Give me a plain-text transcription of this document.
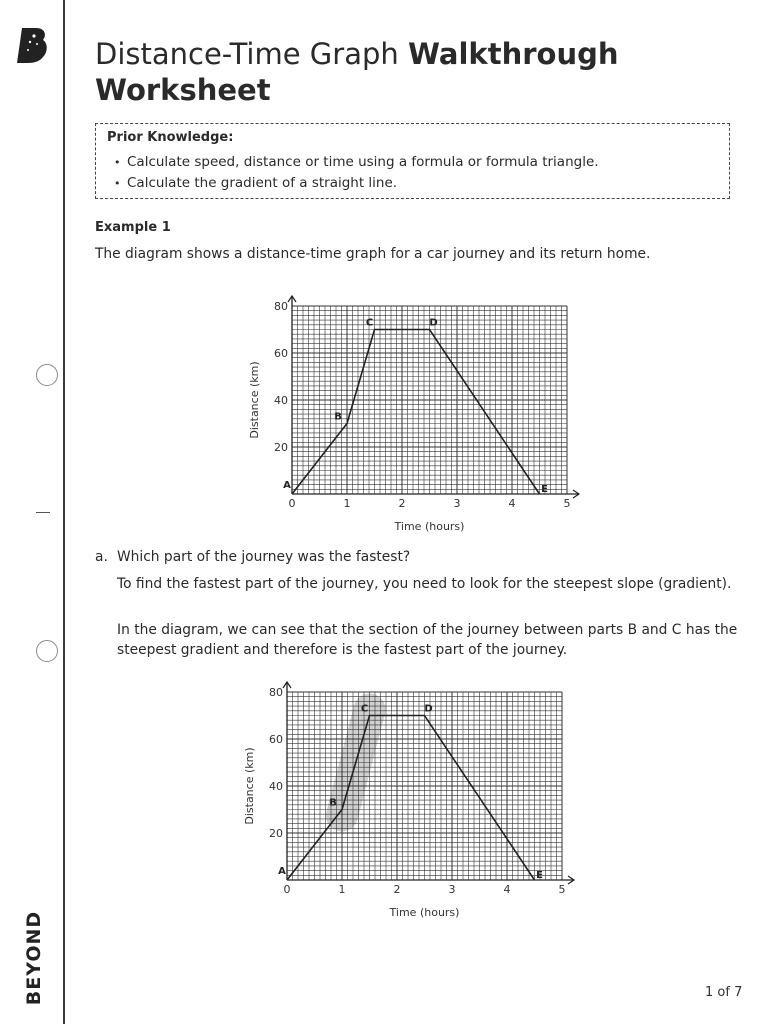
BEYOND
Distance-Time Graph Walkthrough
Worksheet
Prior Knowledge:
• Calculate speed, distance or time using a formula or formula triangle.
• Calculate the gradient of a straight line.
Example 1
The diagram shows a distance-time graph for a car journey and its return home.
0	1	2	3	4	5
20
40
60
80
Time (hours)
Distance (km)
A
B
C	D
E
a. Which part of the journey was the fastest?
To find the fastest part of the journey, you need to look for the steepest slope (gradient).
In the diagram, we can see that the section of the journey between parts B and C has the steepest gradient and therefore is the fastest part of the journey.
0	1	2	3	4	5
20
40
60
80
Time (hours)
Distance (km)
A
B
C	D
E
1 of 7
